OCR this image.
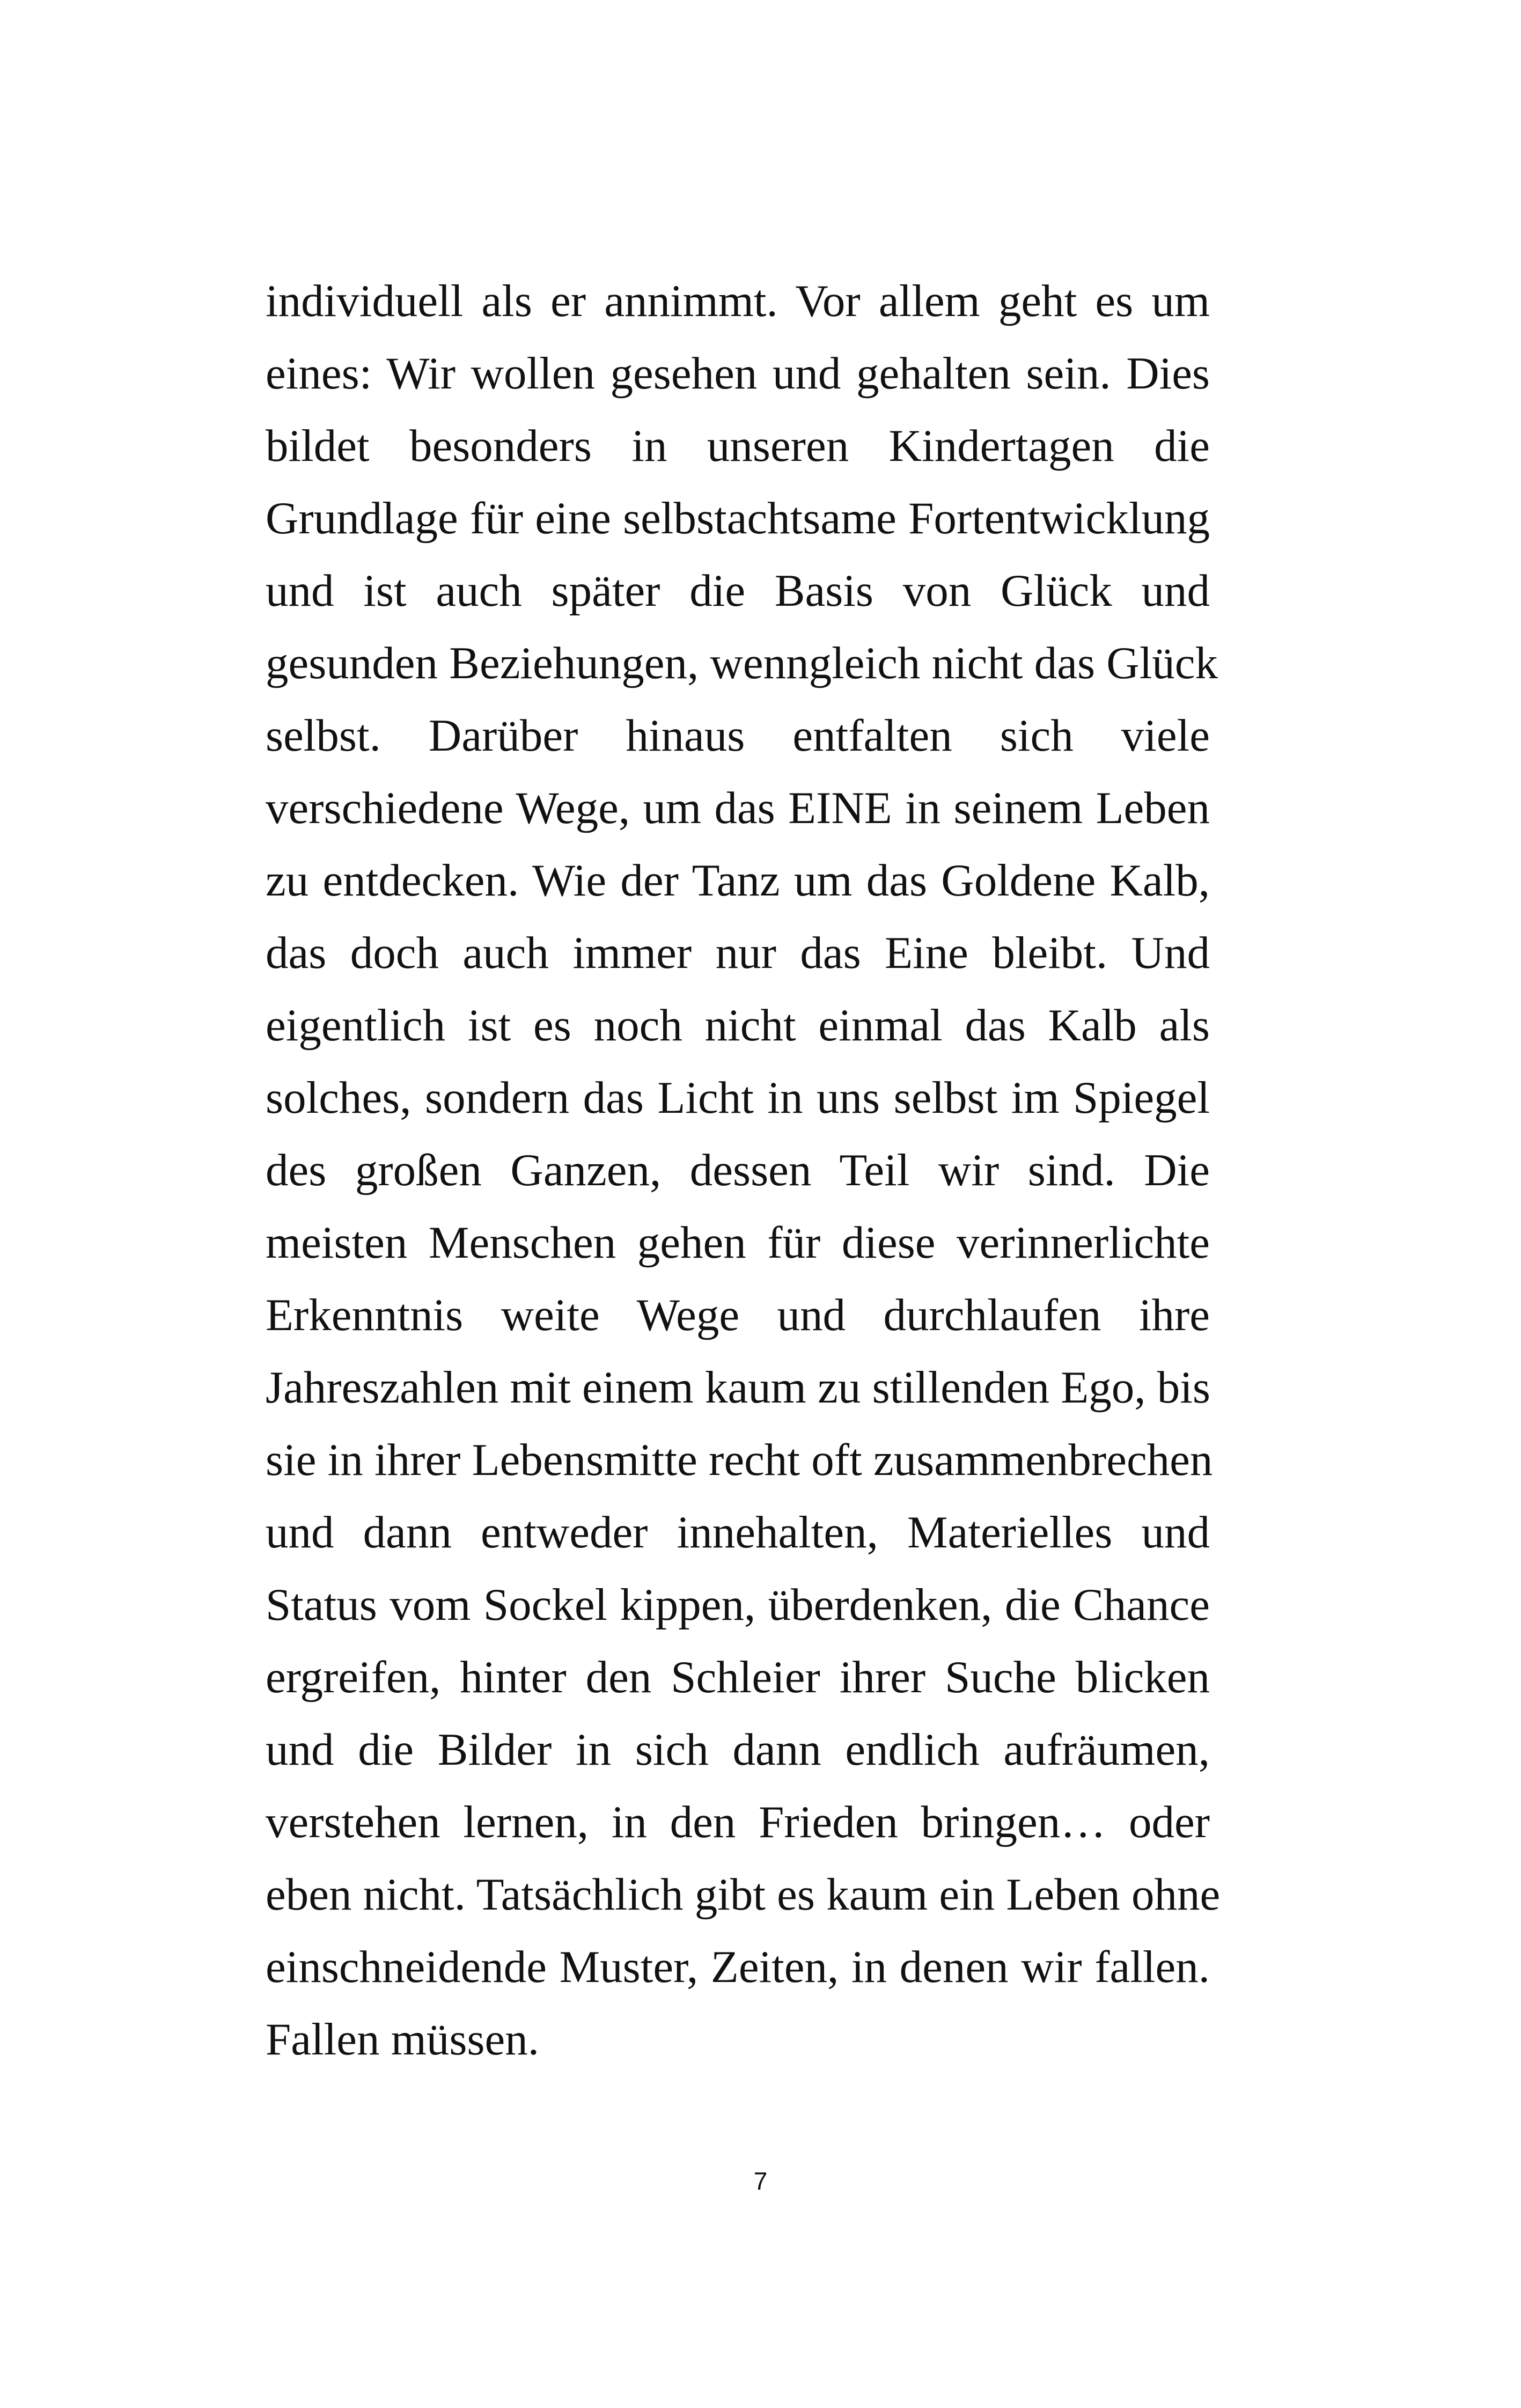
individuell als er annimmt. Vor allem geht es um
eines: Wir wollen gesehen und gehalten sein. Dies
bildet besonders in unseren Kindertagen die
Grundlage für eine selbstachtsame Fortentwicklung
und ist auch später die Basis von Glück und
gesunden Beziehungen, wenngleich nicht das Glück
selbst. Darüber hinaus entfalten sich viele
verschiedene Wege, um das EINE in seinem Leben
zu entdecken. Wie der Tanz um das Goldene Kalb,
das doch auch immer nur das Eine bleibt. Und
eigentlich ist es noch nicht einmal das Kalb als
solches, sondern das Licht in uns selbst im Spiegel
des großen Ganzen, dessen Teil wir sind. Die
meisten Menschen gehen für diese verinnerlichte
Erkenntnis weite Wege und durchlaufen ihre
Jahreszahlen mit einem kaum zu stillenden Ego, bis
sie in ihrer Lebensmitte recht oft zusammenbrechen
und dann entweder innehalten, Materielles und
Status vom Sockel kippen, überdenken, die Chance
ergreifen, hinter den Schleier ihrer Suche blicken
und die Bilder in sich dann endlich aufräumen,
verstehen lernen, in den Frieden bringen… oder
eben nicht. Tatsächlich gibt es kaum ein Leben ohne
einschneidende Muster, Zeiten, in denen wir fallen.
Fallen müssen.
7
